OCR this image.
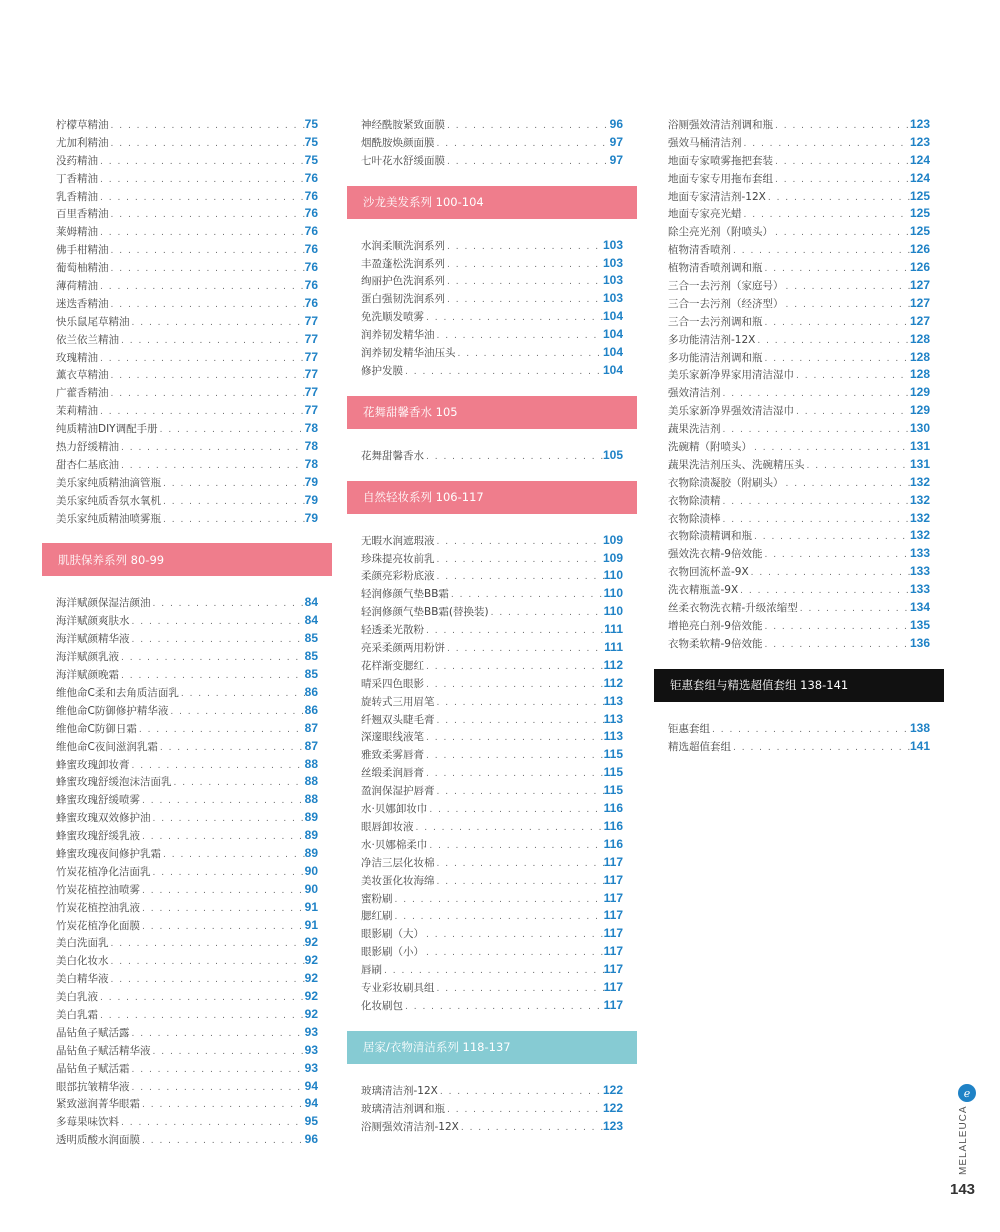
柠檬草精油 . . .	75
尤加利精油 . . .	75
没药精油 . . .	75
丁香精油 . . .	76
乳香精油 . . .	76
百里香精油 . . .	76
莱姆精油 . . .	76
佛手柑精油 . . .	76
葡萄柚精油 . . .	76
薄荷精油 . . .	76
迷迭香精油 . . .	76
快乐鼠尾草精油 . . .	77
依兰依兰精油 . . .	77
玫瑰精油 . . .	77
薰衣草精油 . . .	77
广藿香精油 . . .	77
茉莉精油 . . .	77
纯质精油DIY调配手册 . . .	78
热力舒缓精油 . . .	78
甜杏仁基底油 . . .	78
美乐家纯质精油滴管瓶 . . .	79
美乐家纯质香氛水氧机 . . .	79
美乐家纯质精油喷雾瓶 . . .	79
肌肤保养系列 80-99
海洋赋颜保湿洁颜油 . . .	84
海洋赋颜爽肤水 . . .	84
海洋赋颜精华液 . . .	85
海洋赋颜乳液 . . .	85
海洋赋颜晚霜 . . .	85
维他命C柔和去角质洁面乳 . . .	86
维他命C防御修护精华液 . . .	86
维他命C防御日霜 . . .	87
维他命C夜间滋润乳霜 . . .	87
蜂蜜玫瑰卸妆膏 . . .	88
蜂蜜玫瑰舒缓泡沫洁面乳 . . .	88
蜂蜜玫瑰舒缓喷雾 . . .	88
蜂蜜玫瑰双效修护油 . . .	89
蜂蜜玫瑰舒缓乳液 . . .	89
蜂蜜玫瑰夜间修护乳霜 . . .	89
竹炭花植净化洁面乳 . . .	90
竹炭花植控油喷雾 . . .	90
竹炭花植控油乳液 . . .	91
竹炭花植净化面膜 . . .	91
美白洗面乳 . . .	92
美白化妆水 . . .	92
美白精华液 . . .	92
美白乳液 . . .	92
美白乳霜 . . .	92
晶钻鱼子赋活露 . . .	93
晶钻鱼子赋活精华液 . . .	93
晶钻鱼子赋活霜 . . .	93
眼部抗皱精华液 . . .	94
紧致滋润菁华眼霜 . . .	94
多莓果味饮料 . . .	95
透明质酸水润面膜 . . .	96
神经酰胺紧致面膜 . . .	96
烟酰胺焕颜面膜 . . .	97
七叶花水舒缓面膜 . . .	97
沙龙美发系列 100-104
水润柔顺洗润系列 . . .	103
丰盈蓬松洗润系列 . . .	103
绚丽护色洗润系列 . . .	103
蛋白强韧洗润系列 . . .	103
免洗顺发喷雾 . . .	104
润养韧发精华油 . . .	104
润养韧发精华油压头 . . .	104
修护发膜 . . .	104
花舞甜馨香水 105
花舞甜馨香水 . . .	105
自然轻妆系列 106-117
无暇水润遮瑕液 . . .	109
珍珠提亮妆前乳 . . .	109
柔颜亮彩粉底液 . . .	110
轻润修颜气垫BB霜 . . .	110
轻润修颜气垫BB霜(替换装) . . .	110
轻透柔光散粉 . . .	111
亮采柔颜两用粉饼 . . .	111
花样渐变腮红 . . .	112
晴采四色眼影 . . .	112
旋转式三用眉笔 . . .	113
纤翘双头睫毛膏 . . .	113
深邃眼线液笔 . . .	113
雅致柔雾唇膏 . . .	115
丝缎柔润唇膏 . . .	115
盈润保湿护唇膏 . . .	115
水·贝娜卸妆巾 . . .	116
眼唇卸妆液 . . .	116
水·贝娜棉柔巾 . . .	116
净洁三层化妆棉 . . .	117
美妆蛋化妆海绵 . . .	117
蜜粉刷 . . .	117
腮红刷 . . .	117
眼影刷（大） . . .	117
眼影刷（小） . . .	117
唇刷 . . .	117
专业彩妆刷具组 . . .	117
化妆刷包 . . .	117
居家/衣物清洁系列 118-137
玻璃清洁剂-12X . . .	122
玻璃清洁剂调和瓶 . . .	122
浴厕强效清洁剂-12X . . .	123
浴厕强效清洁剂调和瓶 . . .	123
强效马桶清洁剂 . . .	123
地面专家喷雾拖把套装 . . .	124
地面专家专用拖布套组 . . .	124
地面专家清洁剂-12X . . .	125
地面专家亮光蜡 . . .	125
除尘亮光剂（附喷头） . . .	125
植物清香喷剂 . . .	126
植物清香喷剂调和瓶 . . .	126
三合一去污剂（家庭号） . . .	127
三合一去污剂（经济型） . . .	127
三合一去污剂调和瓶 . . .	127
多功能清洁剂-12X . . .	128
多功能清洁剂调和瓶 . . .	128
美乐家新净界家用清洁湿巾 . . .	128
强效清洁剂 . . .	129
美乐家新净界强效清洁湿巾 . . .	129
蔬果洗洁剂 . . .	130
洗碗精（附喷头） . . .	131
蔬果洗洁剂压头、洗碗精压头 . . .	131
衣物除渍凝胶（附刷头） . . .	132
衣物除渍精 . . .	132
衣物除渍棒 . . .	132
衣物除渍精调和瓶 . . .	132
强效洗衣精-9倍效能 . . .	133
衣物回流杯盖-9X . . .	133
洗衣精瓶盖-9X . . .	133
丝柔衣物洗衣精-升级浓缩型 . . .	134
增艳亮白剂-9倍效能 . . .	135
衣物柔软精-9倍效能 . . .	136
钜惠套组与精选超值套组 138-141
钜惠套组 . . .	138
精选超值套组 . . .	141
ℯ
MELALEUCA
143
